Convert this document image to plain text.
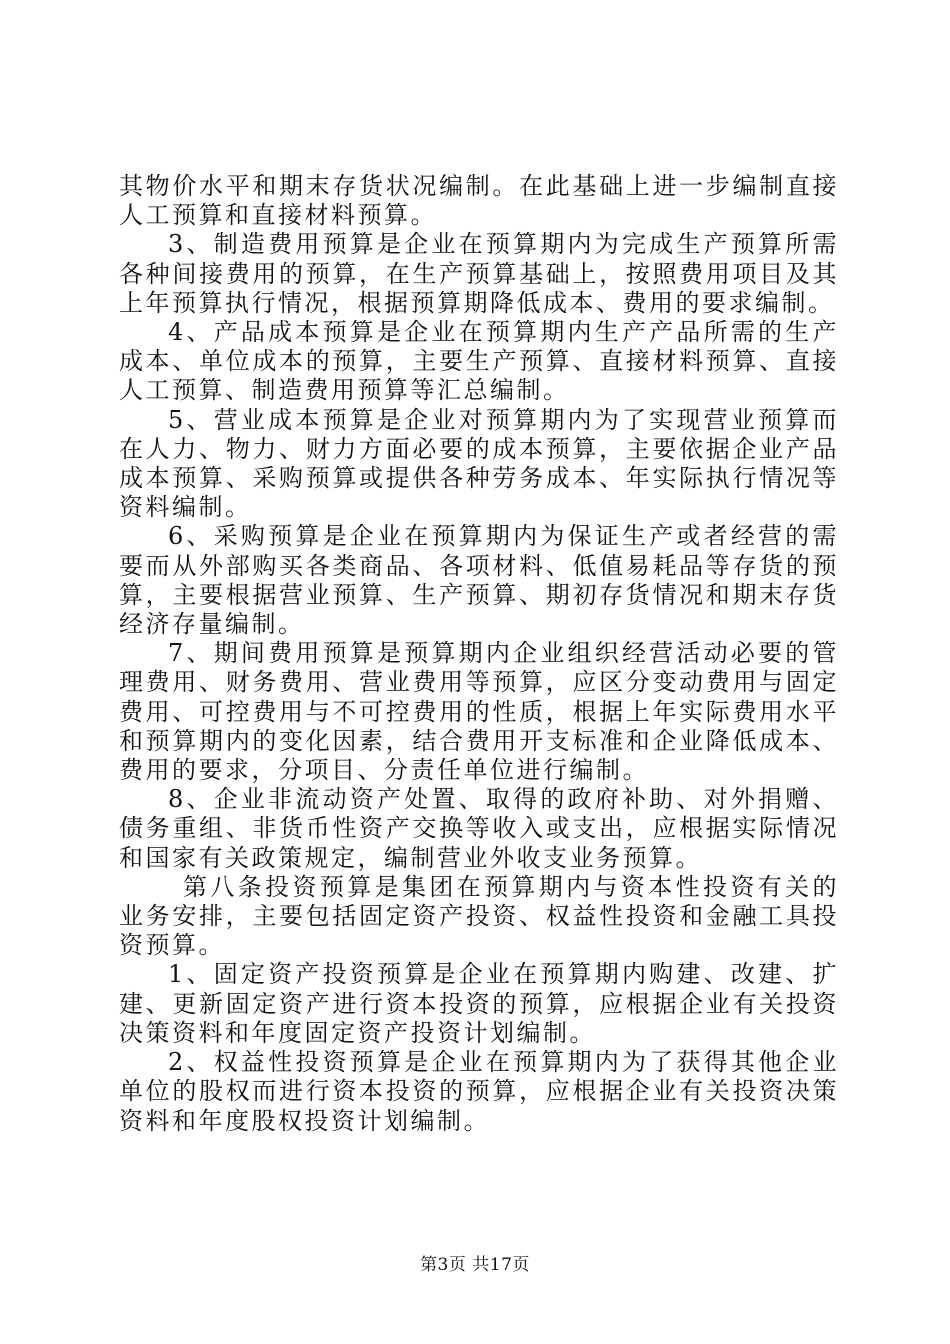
其物价水平和期末存货状况编制。在此基础上进一步编制直接人工预算和直接材料预算。

3、制造费用预算是企业在预算期内为完成生产预算所需各种间接费用的预算，在生产预算基础上，按照费用项目及其上年预算执行情况，根据预算期降低成本、费用的要求编制。

4、产品成本预算是企业在预算期内生产产品所需的生产成本、单位成本的预算，主要生产预算、直接材料预算、直接人工预算、制造费用预算等汇总编制。

5、营业成本预算是企业对预算期内为了实现营业预算而在人力、物力、财力方面必要的成本预算，主要依据企业产品成本预算、采购预算或提供各种劳务成本、年实际执行情况等资料编制。

6、采购预算是企业在预算期内为保证生产或者经营的需要而从外部购买各类商品、各项材料、低值易耗品等存货的预算，主要根据营业预算、生产预算、期初存货情况和期末存货经济存量编制。

7、期间费用预算是预算期内企业组织经营活动必要的管理费用、财务费用、营业费用等预算，应区分变动费用与固定费用、可控费用与不可控费用的性质，根据上年实际费用水平和预算期内的变化因素，结合费用开支标准和企业降低成本、费用的要求，分项目、分责任单位进行编制。

8、企业非流动资产处置、取得的政府补助、对外捐赠、债务重组、非货币性资产交换等收入或支出，应根据实际情况和国家有关政策规定，编制营业外收支业务预算。

第八条投资预算是集团在预算期内与资本性投资有关的业务安排，主要包括固定资产投资、权益性投资和金融工具投资预算。

1、固定资产投资预算是企业在预算期内购建、改建、扩建、更新固定资产进行资本投资的预算，应根据企业有关投资决策资料和年度固定资产投资计划编制。

2、权益性投资预算是企业在预算期内为了获得其他企业单位的股权而进行资本投资的预算，应根据企业有关投资决策资料和年度股权投资计划编制。

第3页 共17页
